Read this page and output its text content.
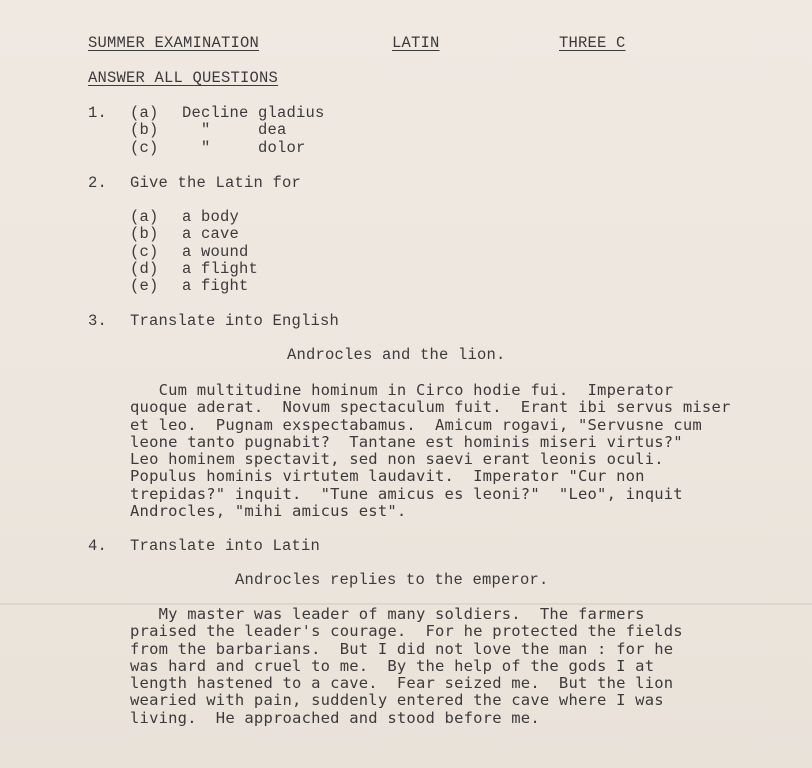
SUMMER EXAMINATION	LATIN	THREE C
ANSWER ALL QUESTIONS
1. (a) Decline gladius
(b) "     dea
(c) "     dolor
2. Give the Latin for
(a) a body
(b) a cave
(c) a wound
(d) a flight
(e) a fight
3. Translate into English
Androcles and the lion.
Cum multitudine hominum in Circo hodie fui.  Imperator
quoque aderat.  Novum spectaculum fuit.  Erant ibi servus miser
et leo.  Pugnam exspectabamus.  Amicum rogavi, "Servusne cum
leone tanto pugnabit?  Tantane est hominis miseri virtus?"
Leo hominem spectavit, sed non saevi erant leonis oculi.
Populus hominis virtutem laudavit.  Imperator "Cur non
trepidas?" inquit.  "Tune amicus es leoni?"  "Leo", inquit
Androcles, "mihi amicus est".
4. Translate into Latin
Androcles replies to the emperor.
My master was leader of many soldiers.  The farmers
praised the leader's courage.  For he protected the fields
from the barbarians.  But I did not love the man : for he
was hard and cruel to me.  By the help of the gods I at
length hastened to a cave.  Fear seized me.  But the lion
wearied with pain, suddenly entered the cave where I was
living.  He approached and stood before me.
